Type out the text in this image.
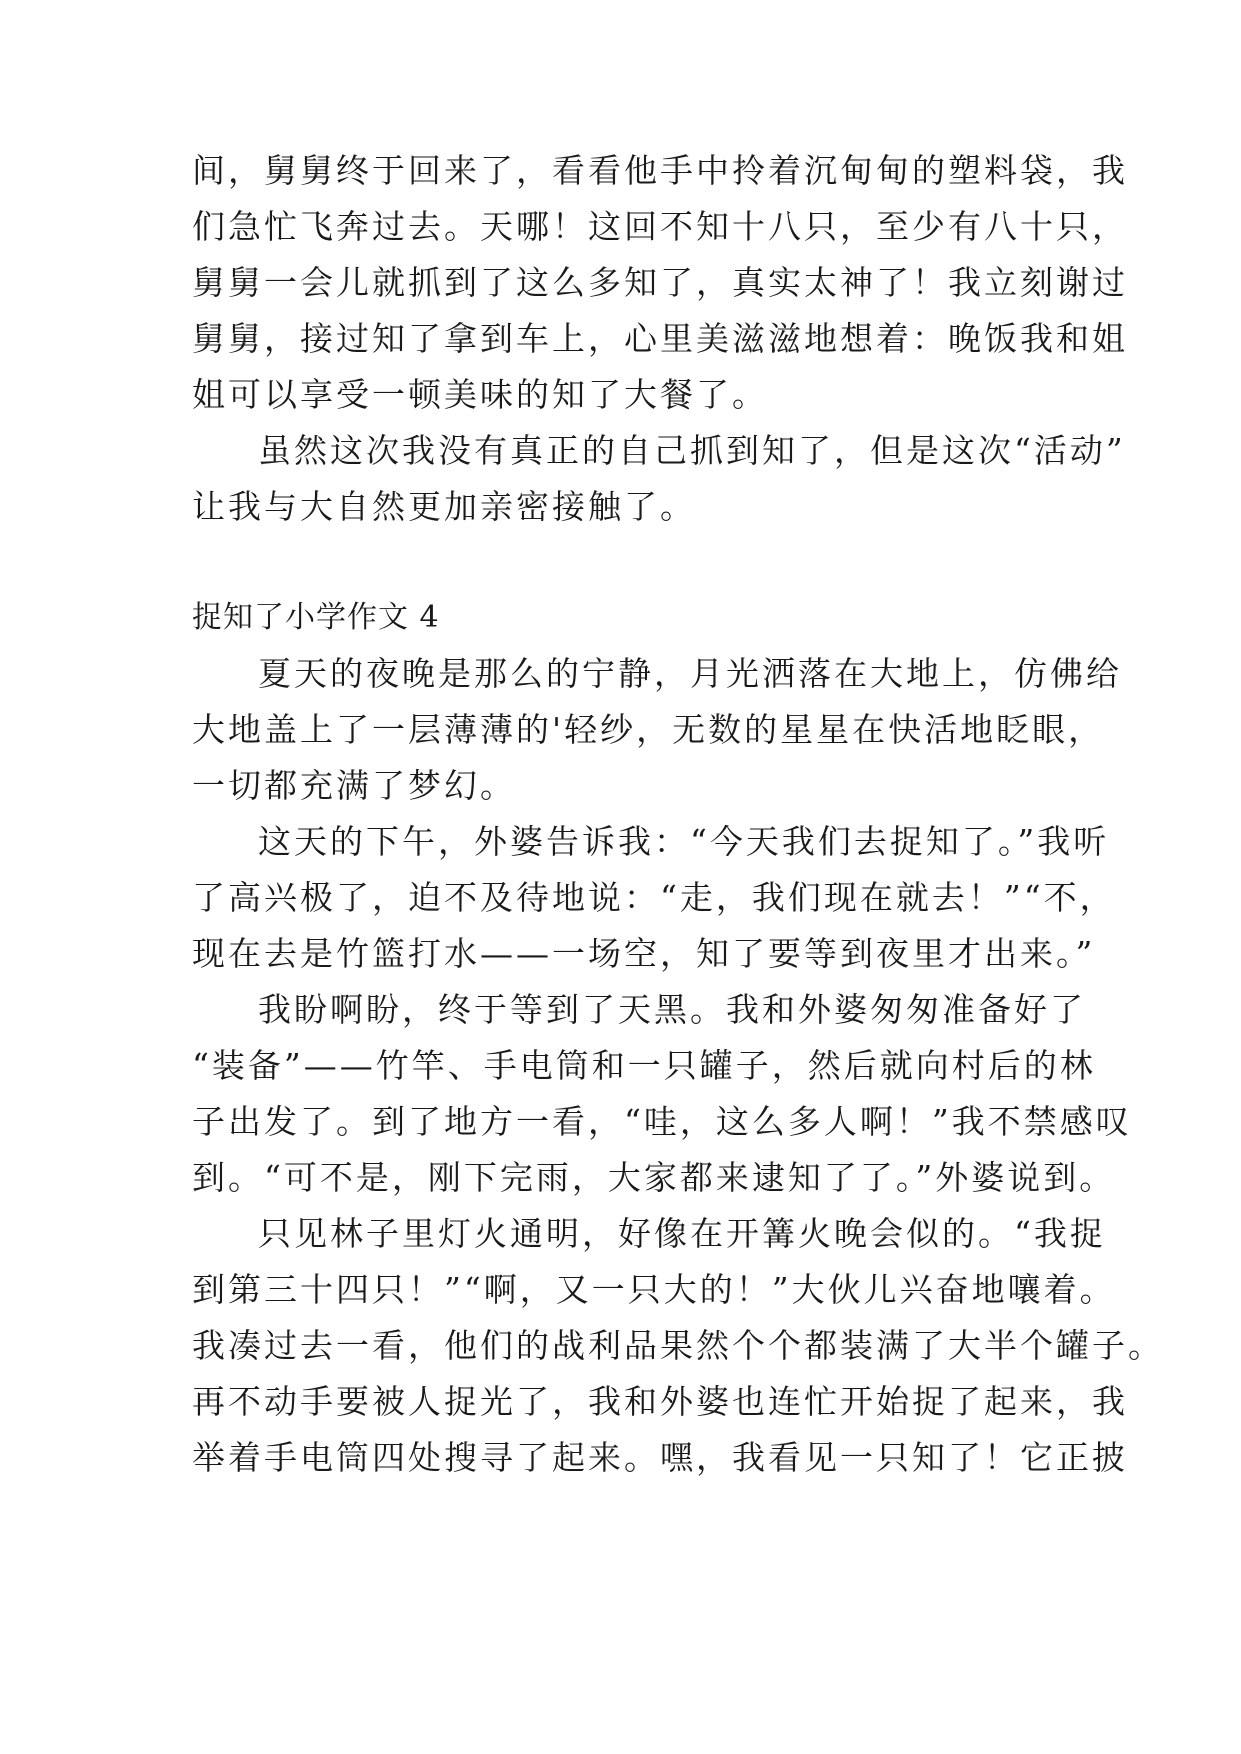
间，舅舅终于回来了，看看他手中拎着沉甸甸的塑料袋，我
们急忙飞奔过去。天哪！这回不知十八只，至少有八十只，
舅舅一会儿就抓到了这么多知了，真实太神了！我立刻谢过
舅舅，接过知了拿到车上，心里美滋滋地想着：晚饭我和姐
姐可以享受一顿美味的知了大餐了。
虽然这次我没有真正的自己抓到知了，但是这次“活动”
让我与大自然更加亲密接触了。
捉知了小学作文 4
夏天的夜晚是那么的宁静，月光洒落在大地上，仿佛给
大地盖上了一层薄薄的'轻纱，无数的星星在快活地眨眼，
一切都充满了梦幻。
这天的下午，外婆告诉我：“今天我们去捉知了。”我听
了高兴极了，迫不及待地说：“走，我们现在就去！”“不，
现在去是竹篮打水——一场空，知了要等到夜里才出来。”
我盼啊盼，终于等到了天黑。我和外婆匆匆准备好了
“装备”——竹竿、手电筒和一只罐子，然后就向村后的林
子出发了。到了地方一看，“哇，这么多人啊！”我不禁感叹
到。“可不是，刚下完雨，大家都来逮知了了。”外婆说到。
只见林子里灯火通明，好像在开篝火晚会似的。“我捉
到第三十四只！”“啊，又一只大的！”大伙儿兴奋地嚷着。
我凑过去一看，他们的战利品果然个个都装满了大半个罐子。
再不动手要被人捉光了，我和外婆也连忙开始捉了起来，我
举着手电筒四处搜寻了起来。嘿，我看见一只知了！它正披
